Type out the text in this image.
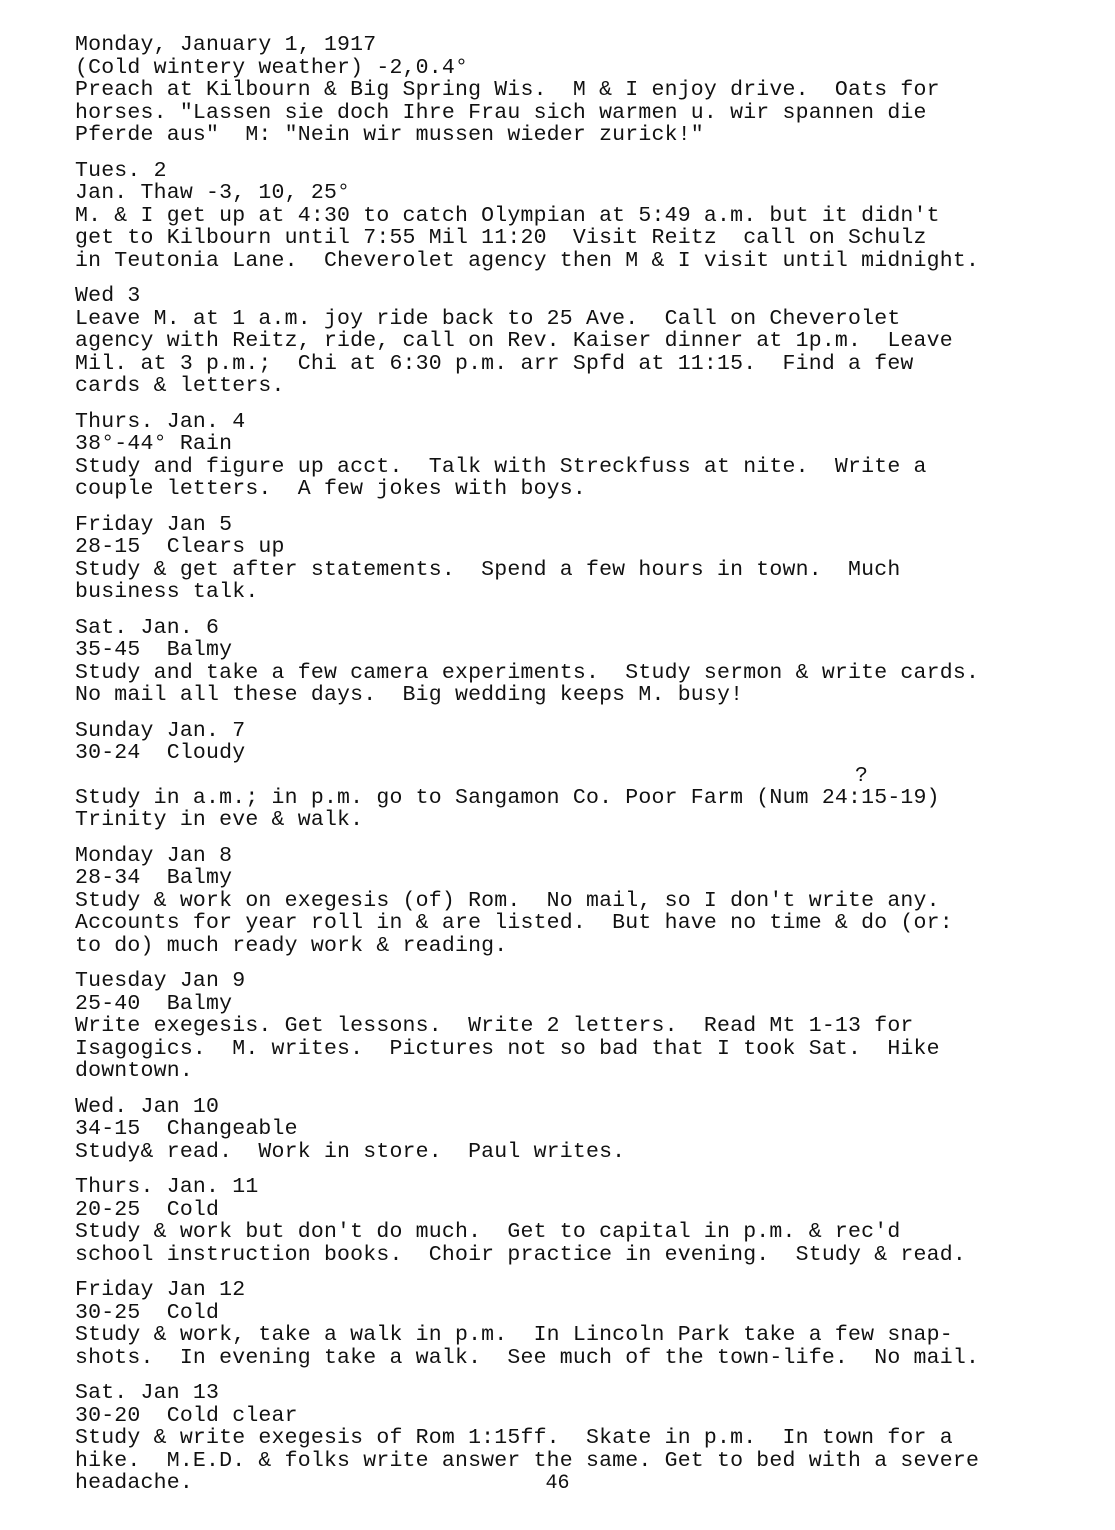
Monday, January 1, 1917
(Cold wintery weather) -2,0.4°
Preach at Kilbourn & Big Spring Wis.  M & I enjoy drive.  Oats for
horses. "Lassen sie doch Ihre Frau sich warmen u. wir spannen die
Pferde aus"  M: "Nein wir mussen wieder zurick!"
Tues. 2
Jan. Thaw -3, 10, 25°
M. & I get up at 4:30 to catch Olympian at 5:49 a.m. but it didn't
get to Kilbourn until 7:55 Mil 11:20  Visit Reitz  call on Schulz
in Teutonia Lane.  Cheverolet agency then M & I visit until midnight.
Wed 3
Leave M. at 1 a.m. joy ride back to 25 Ave.  Call on Cheverolet
agency with Reitz, ride, call on Rev. Kaiser dinner at 1p.m.  Leave
Mil. at 3 p.m.;  Chi at 6:30 p.m. arr Spfd at 11:15.  Find a few
cards & letters.
Thurs. Jan. 4
38°-44° Rain
Study and figure up acct.  Talk with Streckfuss at nite.  Write a
couple letters.  A few jokes with boys.
Friday Jan 5
28-15  Clears up
Study & get after statements.  Spend a few hours in town.  Much
business talk.
Sat. Jan. 6
35-45  Balmy
Study and take a few camera experiments.  Study sermon & write cards.
No mail all these days.  Big wedding keeps M. busy!
Sunday Jan. 7
30-24  Cloudy
?
Study in a.m.; in p.m. go to Sangamon Co. Poor Farm (Num 24:15-19)
Trinity in eve & walk.
Monday Jan 8
28-34  Balmy
Study & work on exegesis (of) Rom.  No mail, so I don't write any.
Accounts for year roll in & are listed.  But have no time & do (or:
to do) much ready work & reading.
Tuesday Jan 9
25-40  Balmy
Write exegesis. Get lessons.  Write 2 letters.  Read Mt 1-13 for
Isagogics.  M. writes.  Pictures not so bad that I took Sat.  Hike
downtown.
Wed. Jan 10
34-15  Changeable
Study& read.  Work in store.  Paul writes.
Thurs. Jan. 11
20-25  Cold
Study & work but don't do much.  Get to capital in p.m. & rec'd
school instruction books.  Choir practice in evening.  Study & read.
Friday Jan 12
30-25  Cold
Study & work, take a walk in p.m.  In Lincoln Park take a few snap-
shots.  In evening take a walk.  See much of the town-life.  No mail.
Sat. Jan 13
30-20  Cold clear
Study & write exegesis of Rom 1:15ff.  Skate in p.m.  In town for a
hike.  M.E.D. & folks write answer the same. Get to bed with a severe
headache.	46
